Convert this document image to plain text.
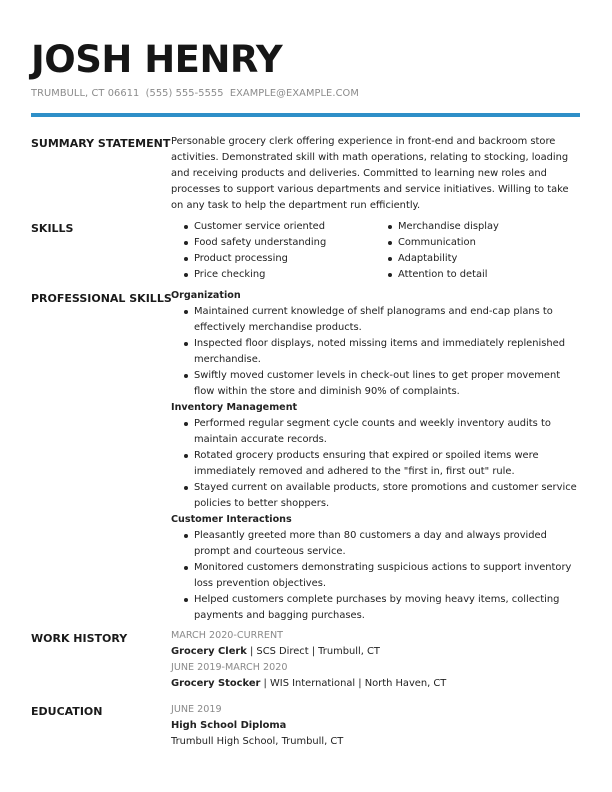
JOSH HENRY
TRUMBULL, CT 06611 (555) 555-5555 EXAMPLE@EXAMPLE.COM
SUMMARY STATEMENT Personable grocery clerk offering experience in front-end and backroom store activities. Demonstrated skill with math operations, relating to stocking, loading and receiving products and deliveries. Committed to learning new roles and processes to support various departments and service initiatives. Willing to take on any task to help the department run efficiently.

SKILLS	Customer service oriented
Food safety understanding
Product processing
Price checking
Merchandise display
Communication
Adaptability
Attention to detail
PROFESSIONAL SKILLS Organization
Maintained current knowledge of shelf planograms and end-cap plans to effectively merchandise products.
Inspected floor displays, noted missing items and immediately replenished merchandise.
Swiftly moved customer levels in check-out lines to get proper movement flow within the store and diminish 90% of complaints.
Inventory Management
Performed regular segment cycle counts and weekly inventory audits to maintain accurate records.
Rotated grocery products ensuring that expired or spoiled items were immediately removed and adhered to the "first in, first out" rule.
Stayed current on available products, store promotions and customer service policies to better shoppers.
Customer Interactions
Pleasantly greeted more than 80 customers a day and always provided prompt and courteous service.
Monitored customers demonstrating suspicious actions to support inventory loss prevention objectives.
Helped customers complete purchases by moving heavy items, collecting payments and bagging purchases.
WORK HISTORY	MARCH 2020-CURRENT
Grocery Clerk | SCS Direct | Trumbull, CT
JUNE 2019-MARCH 2020
Grocery Stocker | WIS International | North Haven, CT
EDUCATION	JUNE 2019
High School Diploma
Trumbull High School, Trumbull, CT
